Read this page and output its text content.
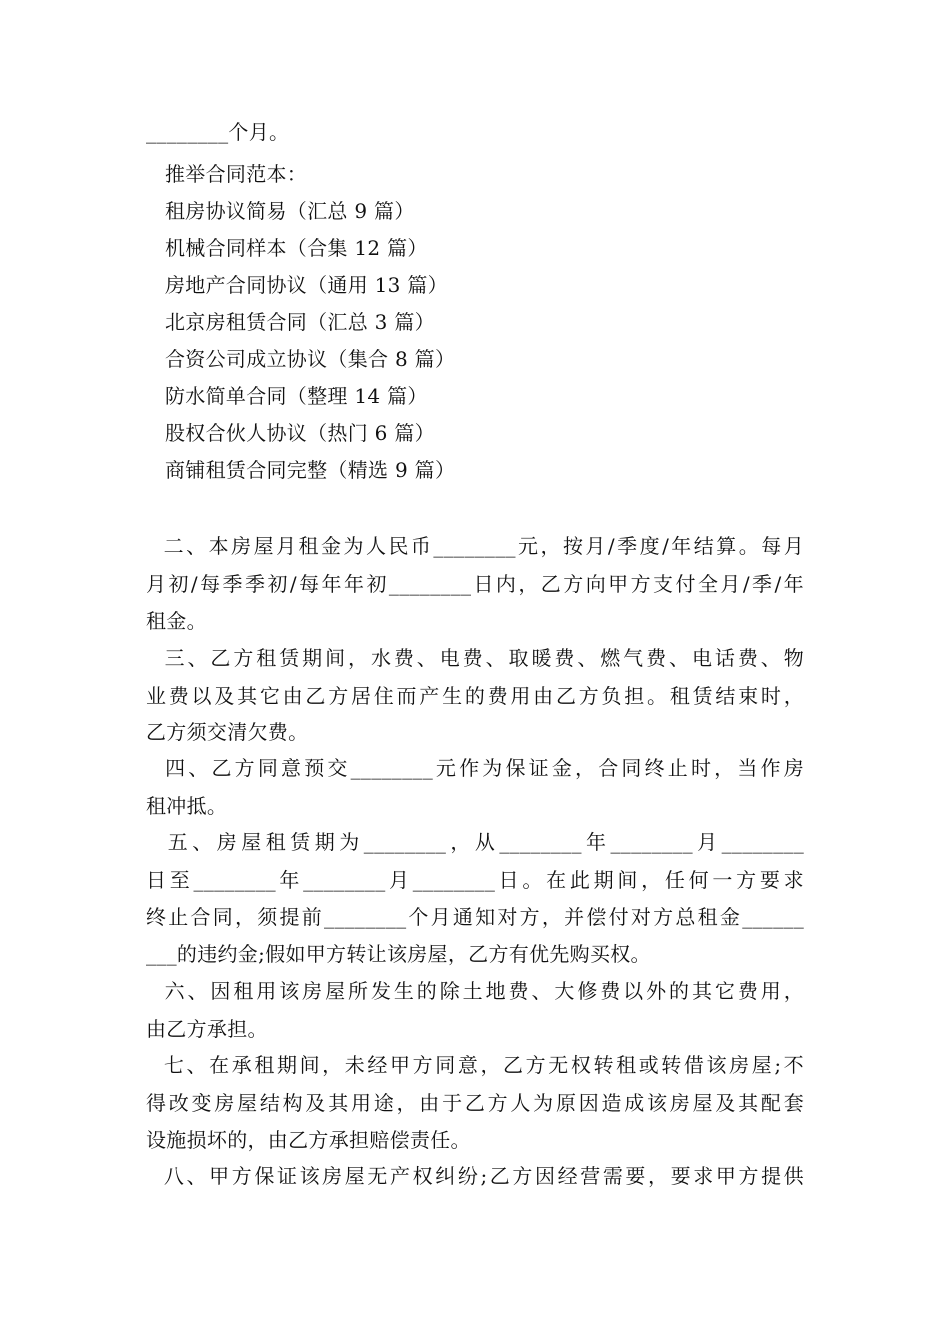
________个月。
推举合同范本：
租房协议简易（汇总 9 篇）
机械合同样本（合集 12 篇）
房地产合同协议（通用 13 篇）
北京房租赁合同（汇总 3 篇）
合资公司成立协议（集合 8 篇）
防水简单合同（整理 14 篇）
股权合伙人协议（热门 6 篇）
商铺租赁合同完整（精选 9 篇）
二、本房屋月租金为人民币________元，按月/季度/年结算。每月
月初/每季季初/每年年初________日内，乙方向甲方支付全月/季/年
租金。
三、乙方租赁期间，水费、电费、取暖费、燃气费、电话费、物
业费以及其它由乙方居住而产生的费用由乙方负担。租赁结束时，
乙方须交清欠费。
四、乙方同意预交________元作为保证金，合同终止时，当作房
租冲抵。
五、房屋租赁期为________，从________年________月________
日至________年________月________日。在此期间，任何一方要求
终止合同，须提前________个月通知对方，并偿付对方总租金______
___的违约金;假如甲方转让该房屋，乙方有优先购买权。
六、因租用该房屋所发生的除土地费、大修费以外的其它费用，
由乙方承担。
七、在承租期间，未经甲方同意，乙方无权转租或转借该房屋;不
得改变房屋结构及其用途，由于乙方人为原因造成该房屋及其配套
设施损坏的，由乙方承担赔偿责任。
八、甲方保证该房屋无产权纠纷;乙方因经营需要，要求甲方提供
